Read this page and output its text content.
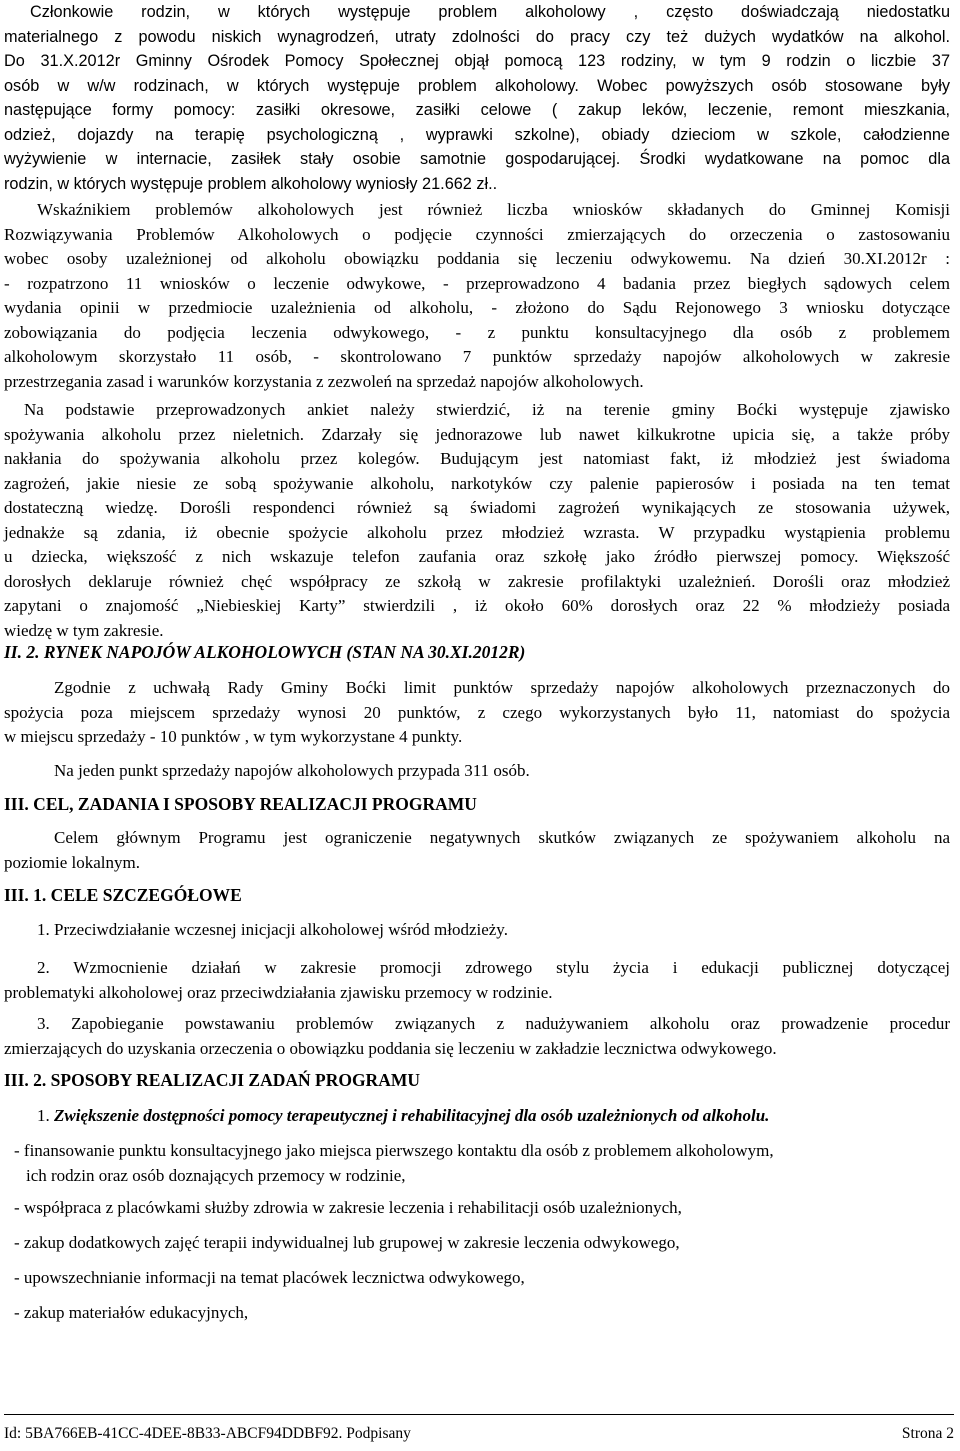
Członkowie rodzin, w których występuje problem alkoholowy , często doświadczają niedostatku
materialnego z powodu niskich wynagrodzeń, utraty zdolności do pracy czy też dużych wydatków na alkohol.
Do 31.X.2012r Gminny Ośrodek Pomocy Społecznej objął pomocą 123 rodziny, w tym 9 rodzin o liczbie 37
osób w w/w rodzinach, w których występuje problem alkoholowy. Wobec powyższych osób stosowane były
następujące formy pomocy: zasiłki okresowe, zasiłki celowe ( zakup leków, leczenie, remont mieszkania,
odzież, dojazdy na terapię psychologiczną , wyprawki szkolne), obiady dzieciom w szkole, całodzienne
wyżywienie w internacie, zasiłek stały osobie samotnie gospodarującej. Środki wydatkowane na pomoc dla
rodzin, w których występuje problem alkoholowy wyniosły 21.662 zł..
Wskaźnikiem problemów alkoholowych jest również liczba wniosków składanych do Gminnej Komisji
Rozwiązywania Problemów Alkoholowych o podjęcie czynności zmierzających do orzeczenia o zastosowaniu
wobec osoby uzależnionej od alkoholu obowiązku poddania się leczeniu odwykowemu. Na dzień 30.XI.2012r :
- rozpatrzono 11 wniosków o leczenie odwykowe, - przeprowadzono 4 badania przez biegłych sądowych celem
wydania opinii w przedmiocie uzależnienia od alkoholu, - złożono do Sądu Rejonowego 3 wniosku dotyczące
zobowiązania do podjęcia leczenia odwykowego, - z punktu konsultacyjnego dla osób z problemem
alkoholowym skorzystało 11 osób, - skontrolowano 7 punktów sprzedaży napojów alkoholowych w zakresie
przestrzegania zasad i warunków korzystania z zezwoleń na sprzedaż napojów alkoholowych.
Na podstawie przeprowadzonych ankiet należy stwierdzić, iż na terenie gminy Boćki występuje zjawisko
spożywania alkoholu przez nieletnich. Zdarzały się jednorazowe lub nawet kilkukrotne upicia się, a także próby
nakłania do spożywania alkoholu przez kolegów. Budującym jest natomiast fakt, iż młodzież jest świadoma
zagrożeń, jakie niesie ze sobą spożywanie alkoholu, narkotyków czy palenie papierosów i posiada na ten temat
dostateczną wiedzę. Dorośli respondenci również są świadomi zagrożeń wynikających ze stosowania używek,
jednakże są zdania, iż obecnie spożycie alkoholu przez młodzież wzrasta. W przypadku wystąpienia problemu
u dziecka, większość z nich wskazuje telefon zaufania oraz szkołę jako źródło pierwszej pomocy. Większość
dorosłych deklaruje również chęć współpracy ze szkołą w zakresie profilaktyki uzależnień. Dorośli oraz młodzież
zapytani o znajomość „Niebieskiej Karty” stwierdzili , iż około 60% dorosłych oraz 22 % młodzieży posiada
wiedzę w tym zakresie.
II. 2. RYNEK NAPOJÓW ALKOHOLOWYCH (STAN NA 30.XI.2012R)
Zgodnie z uchwałą Rady Gminy Boćki limit punktów sprzedaży napojów alkoholowych przeznaczonych do
spożycia poza miejscem sprzedaży wynosi 20 punktów, z czego wykorzystanych było 11, natomiast do spożycia
w miejscu sprzedaży - 10 punktów , w tym wykorzystane 4 punkty.

Na jeden punkt sprzedaży napojów alkoholowych przypada 311 osób.

III. CEL, ZADANIA I SPOSOBY REALIZACJI PROGRAMU
Celem głównym Programu jest ograniczenie negatywnych skutków związanych ze spożywaniem alkoholu na
poziomie lokalnym.
III. 1. CELE SZCZEGÓŁOWE

1. Przeciwdziałanie wczesnej inicjacji alkoholowej wśród młodzieży.

2. Wzmocnienie działań w zakresie promocji zdrowego stylu życia i edukacji publicznej dotyczącej
problematyki alkoholowej oraz przeciwdziałania zjawisku przemocy w rodzinie.
3. Zapobieganie powstawaniu problemów związanych z nadużywaniem alkoholu oraz prowadzenie procedur
zmierzających do uzyskania orzeczenia o obowiązku poddania się leczeniu w zakładzie lecznictwa odwykowego.
III. 2. SPOSOBY REALIZACJI ZADAŃ PROGRAMU

1. Zwiększenie dostępności pomocy terapeutycznej i rehabilitacyjnej dla osób uzależnionych od alkoholu.

- finansowanie punktu konsultacyjnego jako miejsca pierwszego kontaktu dla osób z problemem alkoholowym,
ich rodzin oraz osób doznających przemocy w rodzinie,

- współpraca z placówkami służby zdrowia w zakresie leczenia i rehabilitacji osób uzależnionych,

- zakup dodatkowych zajęć terapii indywidualnej lub grupowej w zakresie leczenia odwykowego,

- upowszechnianie informacji na temat placówek lecznictwa odwykowego,

- zakup materiałów edukacyjnych,

Id: 5BA766EB-41CC-4DEE-8B33-ABCF94DDBF92. Podpisany	Strona 2
